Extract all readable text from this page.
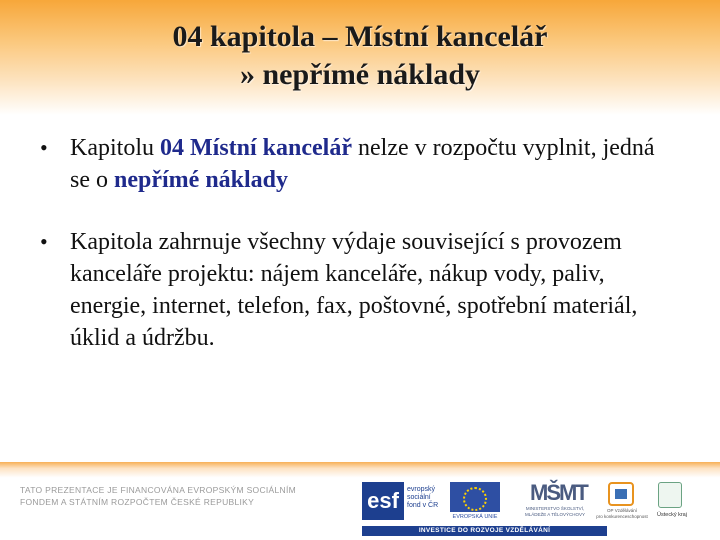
04 kapitola – Místní kancelář
» nepřímé náklady
• Kapitolu 04 Místní kancelář nelze v rozpočtu vyplnit, jedná se o nepřímé náklady
• Kapitola zahrnuje všechny výdaje související s provozem kanceláře projektu: nájem kanceláře, nákup vody, paliv, energie, internet, telefon, fax, poštovné, spotřební materiál, úklid a údržbu.
TATO PREZENTACE JE FINANCOVÁNA EVROPSKÝM SOCIÁLNÍM
FONDEM A STÁTNÍM ROZPOČTEM ČESKÉ REPUBLIKY	esf	evropský
sociální
fond v ČR
EVROPSKÁ UNIE
MŠMT
MINISTERSTVO ŠKOLSTVÍ,
MLÁDEŽE A TĚLOVÝCHOVY
OP Vzdělávání
pro konkurenceschopnost	Ústecký kraj
INVESTICE DO ROZVOJE VZDĚLÁVÁNÍ
